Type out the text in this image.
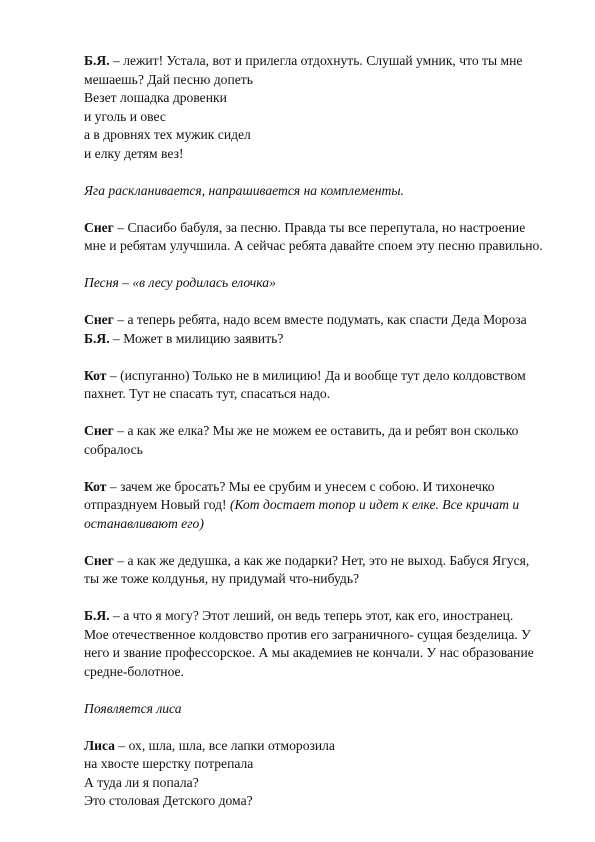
Б.Я. – лежит! Устала, вот и прилегла отдохнуть. Слушай умник, что ты мне
мешаешь? Дай песню допеть
Везет лошадка дровенки
и уголь и овес
а в дровнях тех мужик сидел
и елку детям вез!
Яга раскланивается, напрашивается на комплементы.
Снег – Спасибо бабуля, за песню. Правда ты все перепутала, но настроение
мне и ребятам улучшила. А сейчас ребята давайте споем эту песню правильно.
Песня – «в лесу родилась елочка»
Снег – а теперь ребята, надо всем вместе подумать, как спасти Деда Мороза
Б.Я. – Может в милицию заявить?
Кот – (испуганно) Только не в милицию! Да и вообще тут дело колдовством
пахнет. Тут не спасать тут, спасаться надо.
Снег – а как же елка? Мы же не можем ее оставить, да и ребят вон сколько
собралось
Кот – зачем же бросать? Мы ее срубим и унесем с собою. И тихонечко
отпразднуем Новый год! (Кот достает топор и идет к елке. Все кричат и
останавливают его)
Снег – а как же дедушка, а как же подарки? Нет, это не выход. Бабуся Ягуся,
ты же тоже колдунья, ну придумай что-нибудь?
Б.Я. – а что я могу? Этот леший, он ведь теперь этот, как его, иностранец.
Мое отечественное колдовство против его заграничного- сущая безделица. У
него и звание профессорское. А мы академиев не кончали. У нас образование
средне-болотное.
Появляется лиса
Лиса – ох, шла, шла, все лапки отморозила
на хвосте шерстку потрепала
А туда ли я попала?
Это столовая Детского дома?
